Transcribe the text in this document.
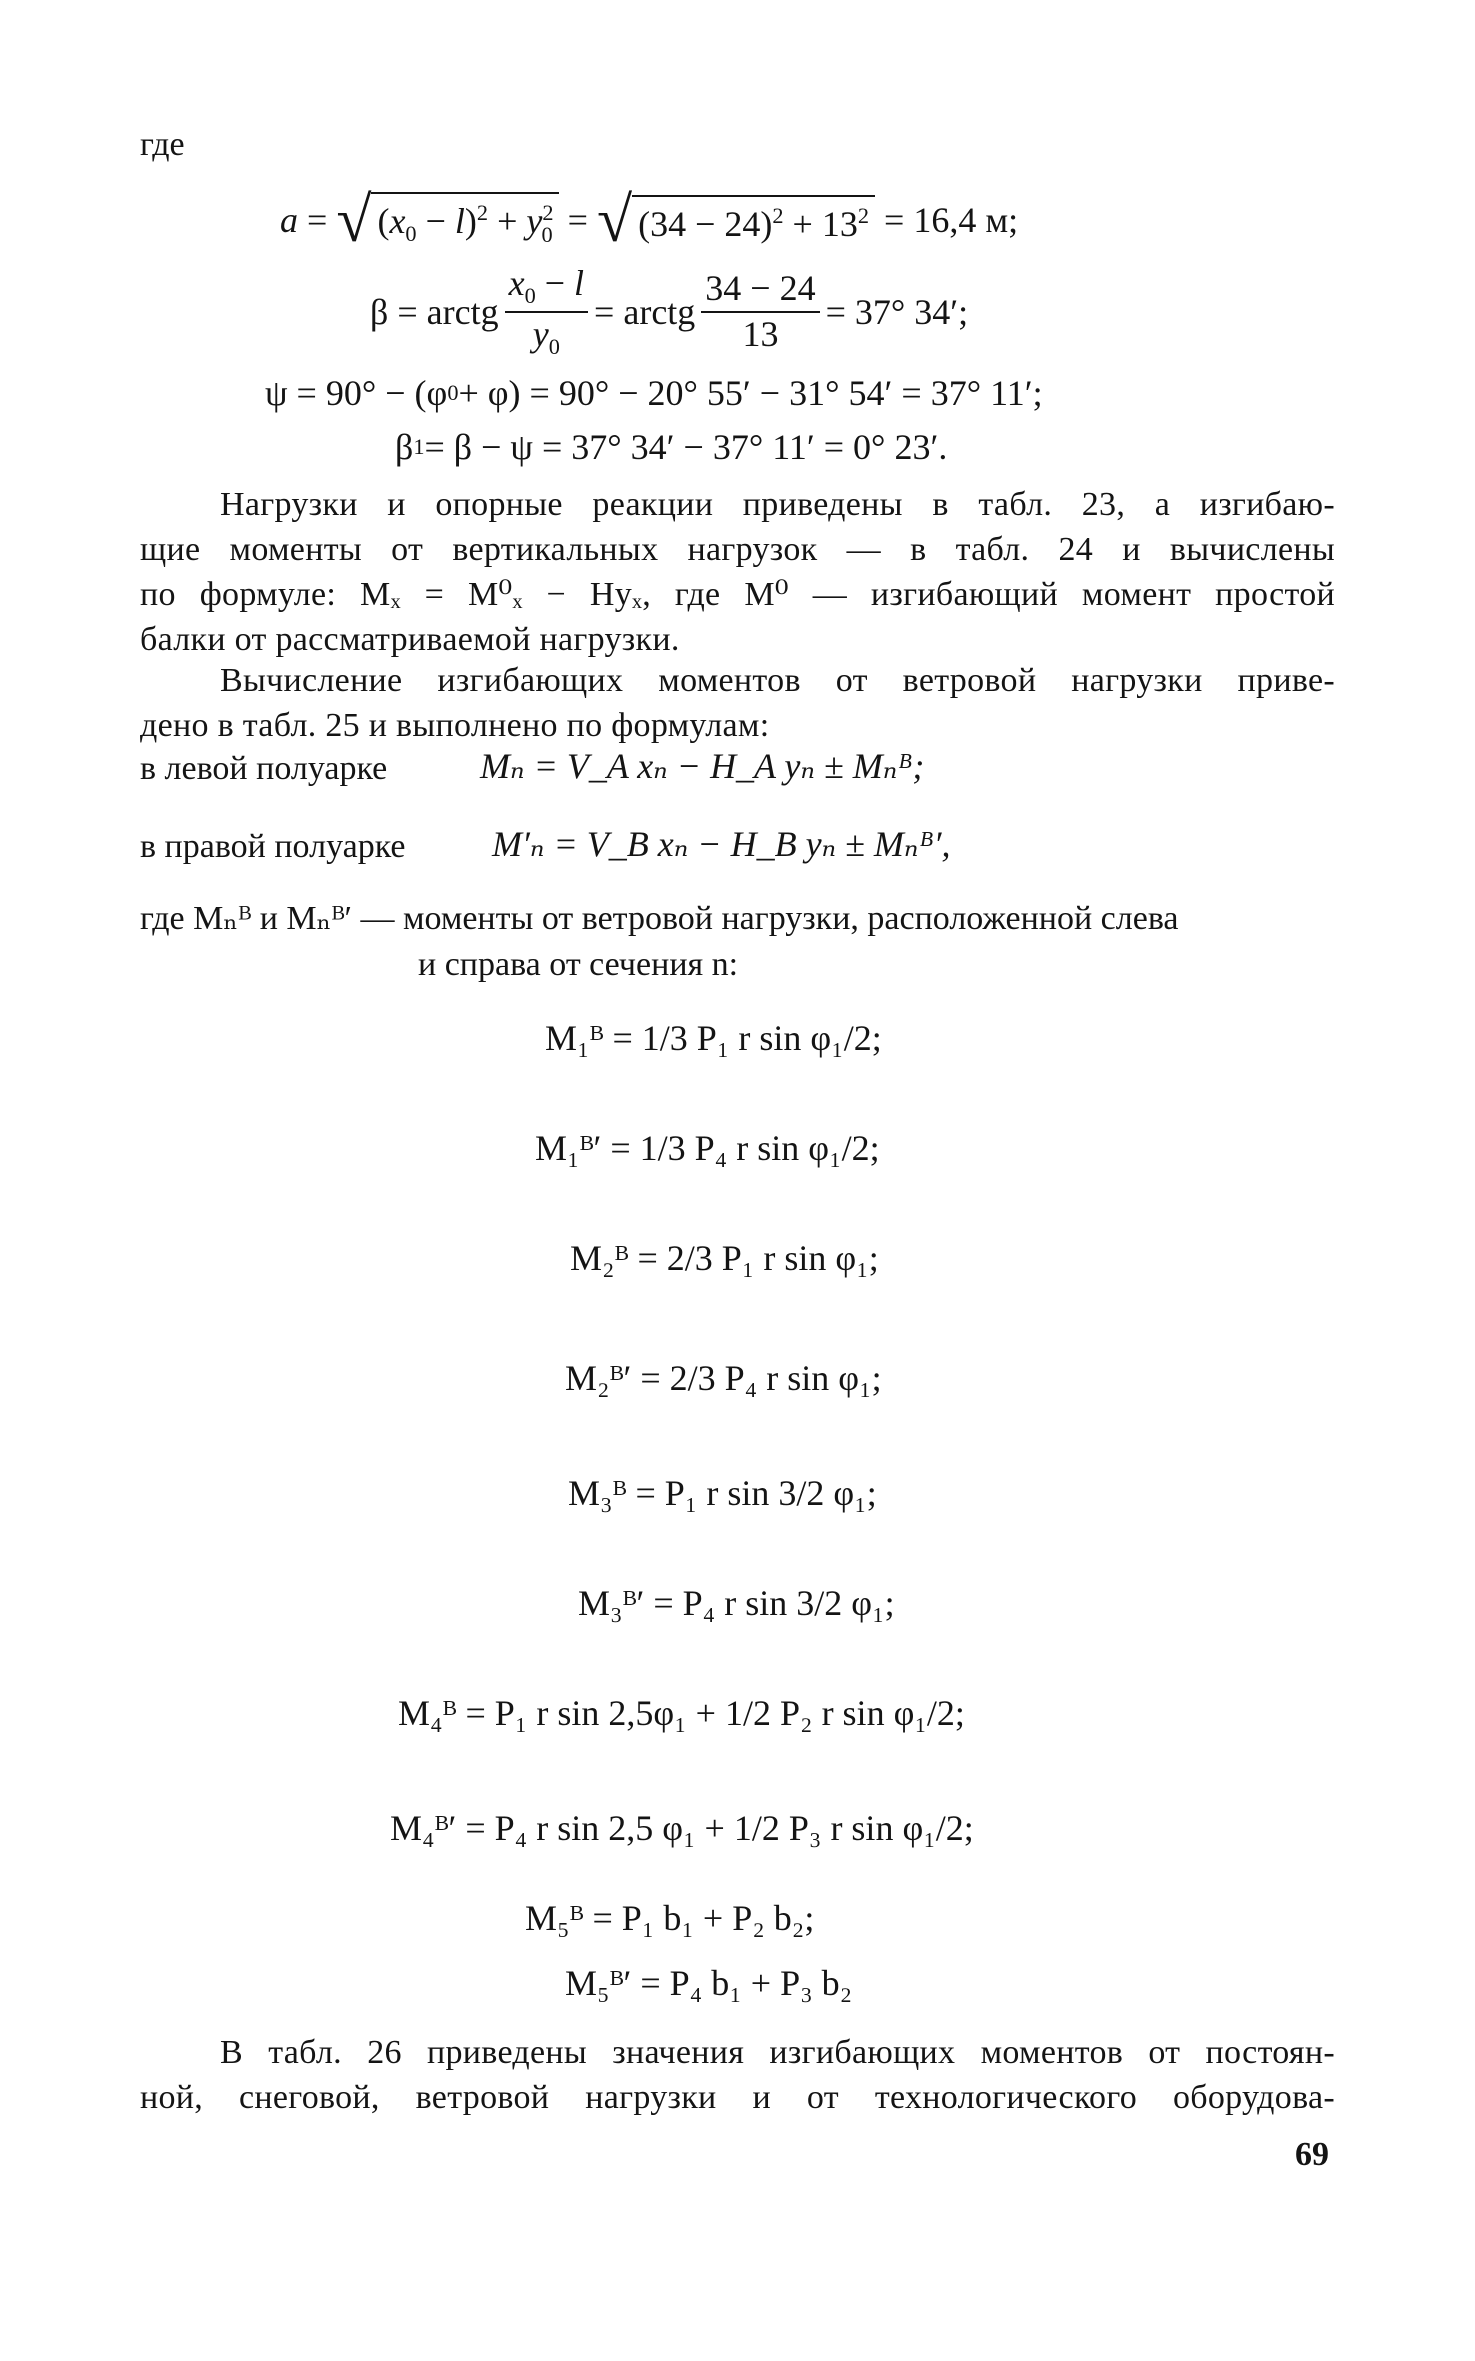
где
a = √ $(x_0 - l)^2 + y^2_0$ = √ $(34 - 24)^2 + 13^2 = 16,4$ м;
β = arctg $\frac{x_0 - l}{y_0}$ = arctg $\frac{34 - 24}{13} = 37^\circ$ 34′;
ψ = 90° − (φ 0 + φ) = 90° − 20° 55′ − 31° 54′ = 37° 11′;
β 1 = β − ψ = 37° 34′ − 37° 11′ = 0° 23′.
Нагрузки и опорные реакции приведены в табл. 23, а изгибаю-
щие моменты от вертикальных нагрузок — в табл. 24 и вычислены
по формуле: Mₓ = M⁰ₓ − Hyₓ, где M⁰ — изгибающий момент простой
балки от рассматриваемой нагрузки.
Вычисление изгибающих моментов от ветровой нагрузки приве-
дено в табл. 25 и выполнено по формулам:
в левой полуарке	Mₙ = V_A xₙ − H_A yₙ ± Mₙᴮ;
в правой полуарке M′ₙ = V_B xₙ − H_B yₙ ± Mₙᴮ′,
где Mₙᴮ и Mₙᴮ′ — моменты от ветровой нагрузки, расположенной слева
и справа от сечения n:
M₁ᴮ = 1/3 P₁ r sin φ₁/2;
M₁ᴮ′ = 1/3 P₄ r sin φ₁/2;
M₂ᴮ = 2/3 P₁ r sin φ₁;
M₂ᴮ′ = 2/3 P₄ r sin φ₁;
M₃ᴮ = P₁ r sin 3/2 φ₁;
M₃ᴮ′ = P₄ r sin 3/2 φ₁;
M₄ᴮ = P₁ r sin 2,5φ₁ + 1/2 P₂ r sin φ₁/2;
M₄ᴮ′ = P₄ r sin 2,5 φ₁ + 1/2 P₃ r sin φ₁/2;
M₅ᴮ = P₁ b₁ + P₂ b₂;
M₅ᴮ′ = P₄ b₁ + P₃ b₂
В табл. 26 приведены значения изгибающих моментов от постоян-
ной, снеговой, ветровой нагрузки и от технологического оборудова-
69
